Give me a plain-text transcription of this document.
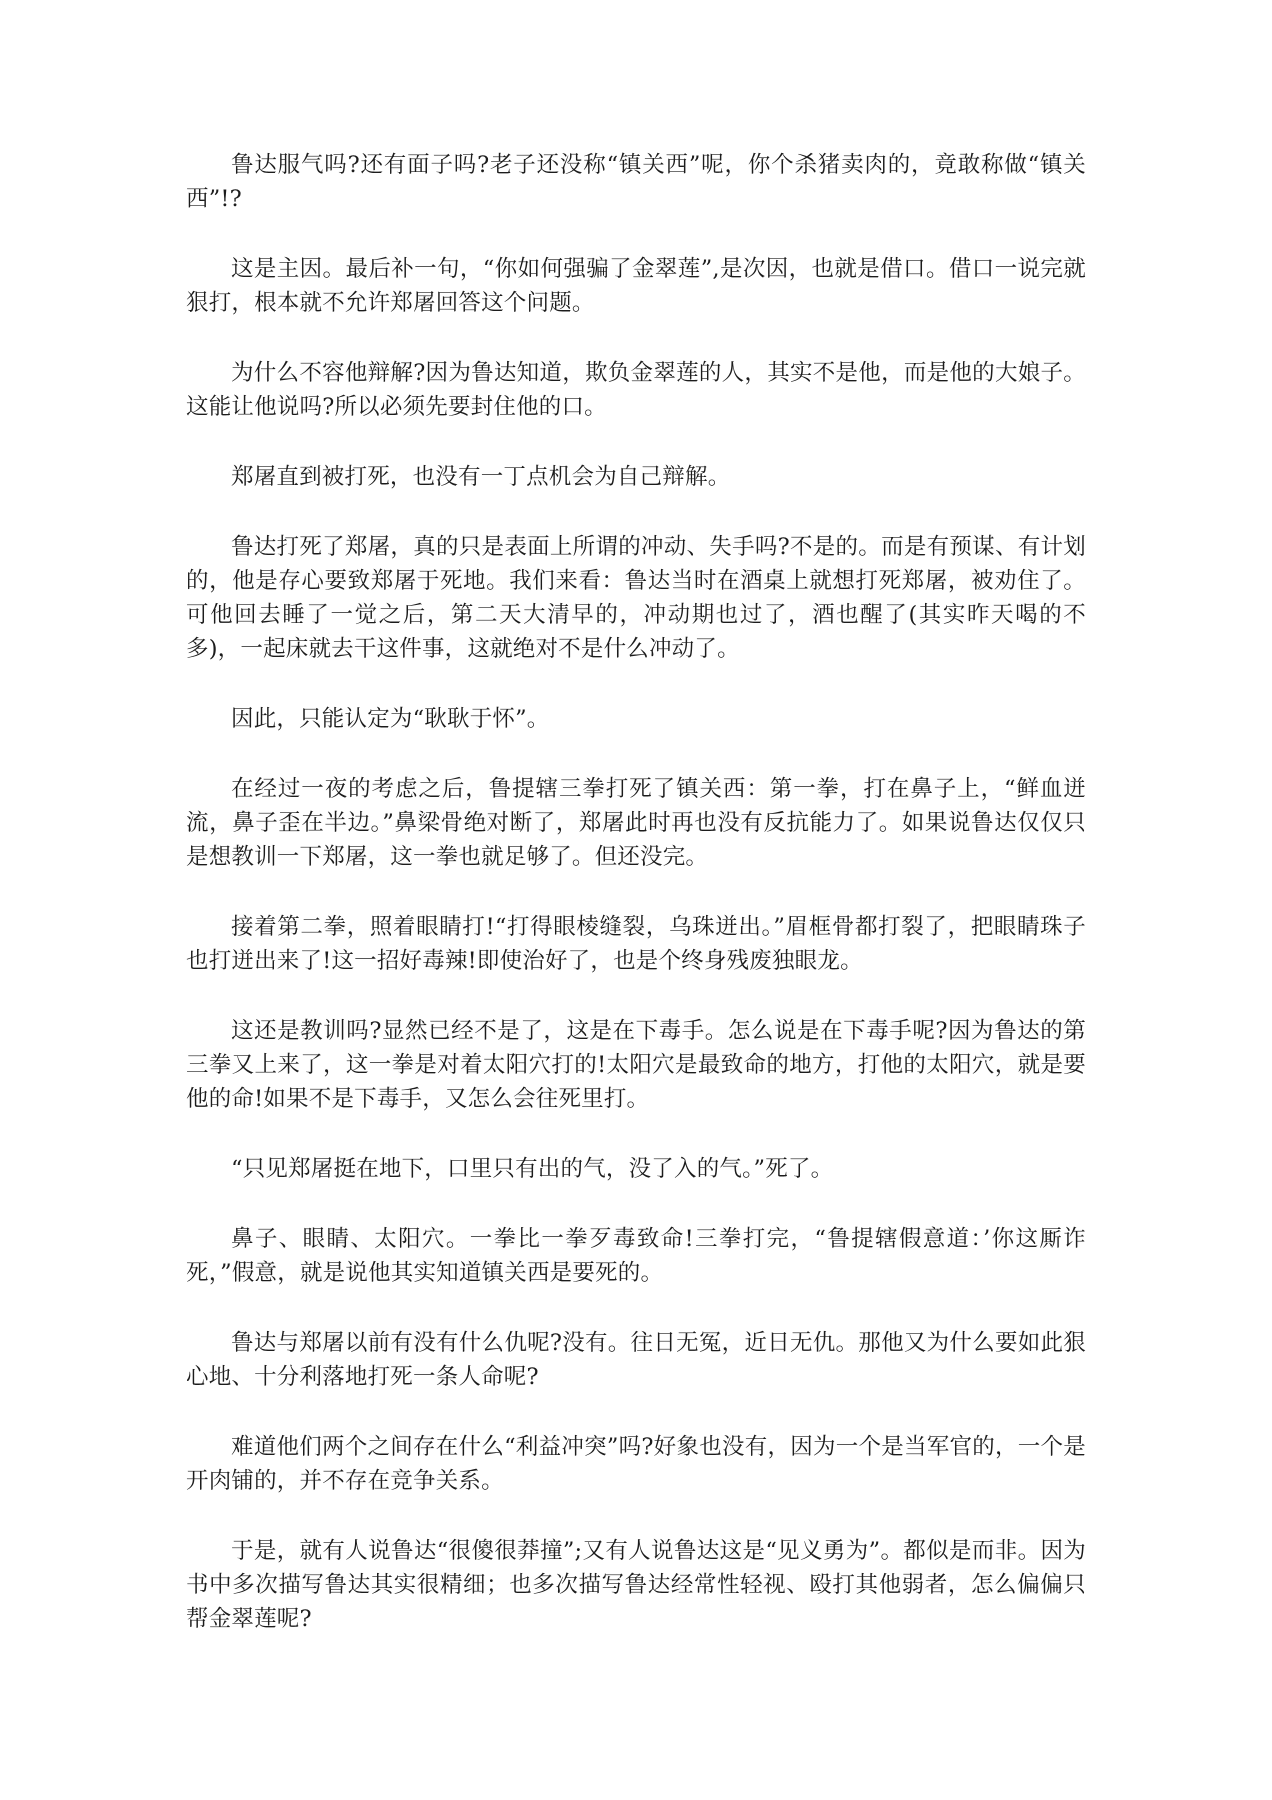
鲁达服气吗?还有面子吗?老子还没称“镇关西”呢，你个杀猪卖肉的，竟敢称做“镇关西”!?

这是主因。最后补一句，“你如何强骗了金翠莲”,是次因，也就是借口。借口一说完就狠打，根本就不允许郑屠回答这个问题。

为什么不容他辩解?因为鲁达知道，欺负金翠莲的人，其实不是他，而是他的大娘子。这能让他说吗?所以必须先要封住他的口。

郑屠直到被打死，也没有一丁点机会为自己辩解。

鲁达打死了郑屠，真的只是表面上所谓的冲动、失手吗?不是的。而是有预谋、有计划的，他是存心要致郑屠于死地。我们来看：鲁达当时在酒桌上就想打死郑屠，被劝住了。可他回去睡了一觉之后，第二天大清早的，冲动期也过了，酒也醒了(其实昨天喝的不多)，一起床就去干这件事，这就绝对不是什么冲动了。

因此，只能认定为“耿耿于怀”。

在经过一夜的考虑之后，鲁提辖三拳打死了镇关西：第一拳，打在鼻子上，“鲜血迸流，鼻子歪在半边。”鼻梁骨绝对断了，郑屠此时再也没有反抗能力了。如果说鲁达仅仅只是想教训一下郑屠，这一拳也就足够了。但还没完。

接着第二拳，照着眼睛打!“打得眼棱缝裂，乌珠迸出。”眉框骨都打裂了，把眼睛珠子也打迸出来了!这一招好毒辣!即使治好了，也是个终身残废独眼龙。

这还是教训吗?显然已经不是了，这是在下毒手。怎么说是在下毒手呢?因为鲁达的第三拳又上来了，这一拳是对着太阳穴打的!太阳穴是最致命的地方，打他的太阳穴，就是要他的命!如果不是下毒手，又怎么会往死里打。

“只见郑屠挺在地下，口里只有出的气，没了入的气。”死了。

鼻子、眼睛、太阳穴。一拳比一拳歹毒致命!三拳打完，“鲁提辖假意道：’你这厮诈死，”假意，就是说他其实知道镇关西是要死的。

鲁达与郑屠以前有没有什么仇呢?没有。往日无冤，近日无仇。那他又为什么要如此狠心地、十分利落地打死一条人命呢?

难道他们两个之间存在什么“利益冲突”吗?好象也没有，因为一个是当军官的，一个是开肉铺的，并不存在竞争关系。

于是，就有人说鲁达“很傻很莽撞”;又有人说鲁达这是“见义勇为”。都似是而非。因为书中多次描写鲁达其实很精细；也多次描写鲁达经常性轻视、殴打其他弱者，怎么偏偏只帮金翠莲呢?
